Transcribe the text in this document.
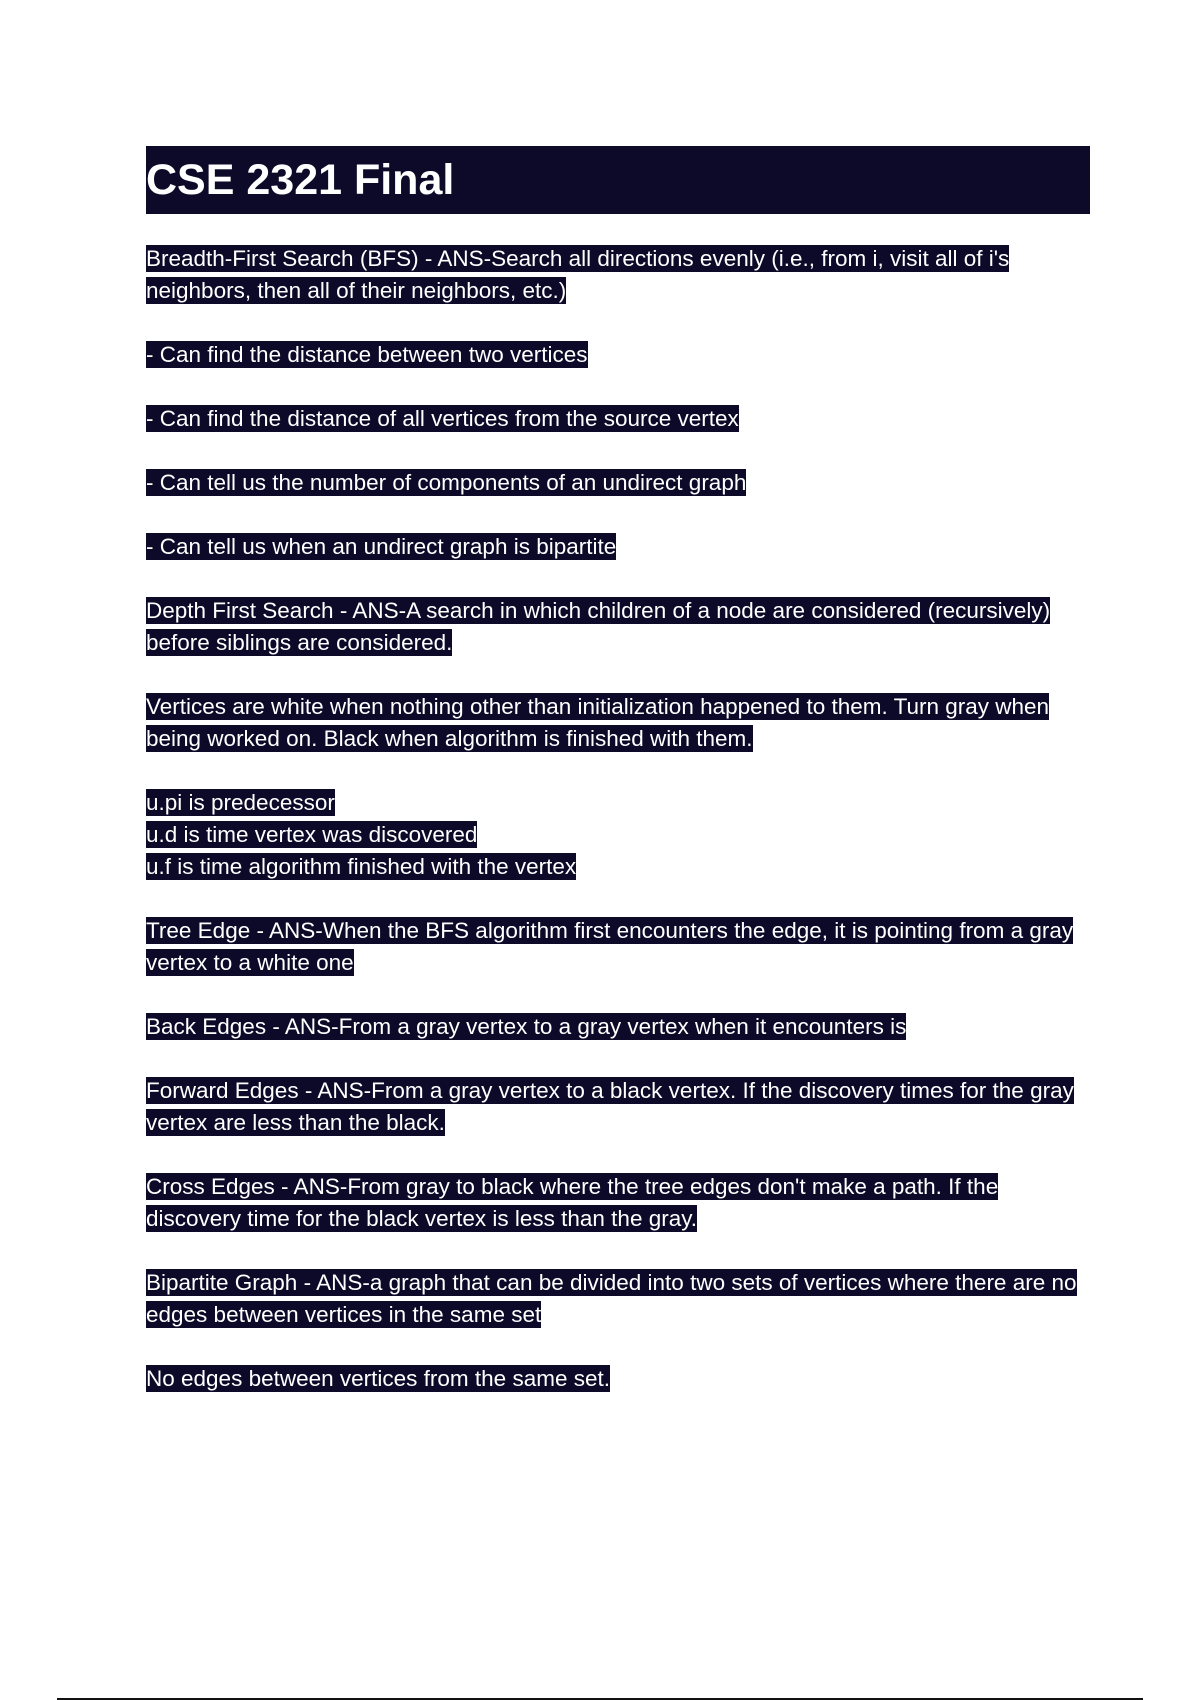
CSE 2321 Final

Breadth-First Search (BFS) - ANS-Search all directions evenly (i.e., from i, visit all of i's neighbors, then all of their neighbors, etc.)

- Can find the distance between two vertices

- Can find the distance of all vertices from the source vertex

- Can tell us the number of components of an undirect graph

- Can tell us when an undirect graph is bipartite

Depth First Search - ANS-A search in which children of a node are considered (recursively) before siblings are considered.

Vertices are white when nothing other than initialization happened to them. Turn gray when being worked on. Black when algorithm is finished with them.

u.pi is predecessor

u.d is time vertex was discovered

u.f is time algorithm finished with the vertex

Tree Edge - ANS-When the BFS algorithm first encounters the edge, it is pointing from a gray vertex to a white one

Back Edges - ANS-From a gray vertex to a gray vertex when it encounters is

Forward Edges - ANS-From a gray vertex to a black vertex. If the discovery times for the gray vertex are less than the black.

Cross Edges - ANS-From gray to black where the tree edges don't make a path. If the discovery time for the black vertex is less than the gray.

Bipartite Graph - ANS-a graph that can be divided into two sets of vertices where there are no edges between vertices in the same set

No edges between vertices from the same set.
